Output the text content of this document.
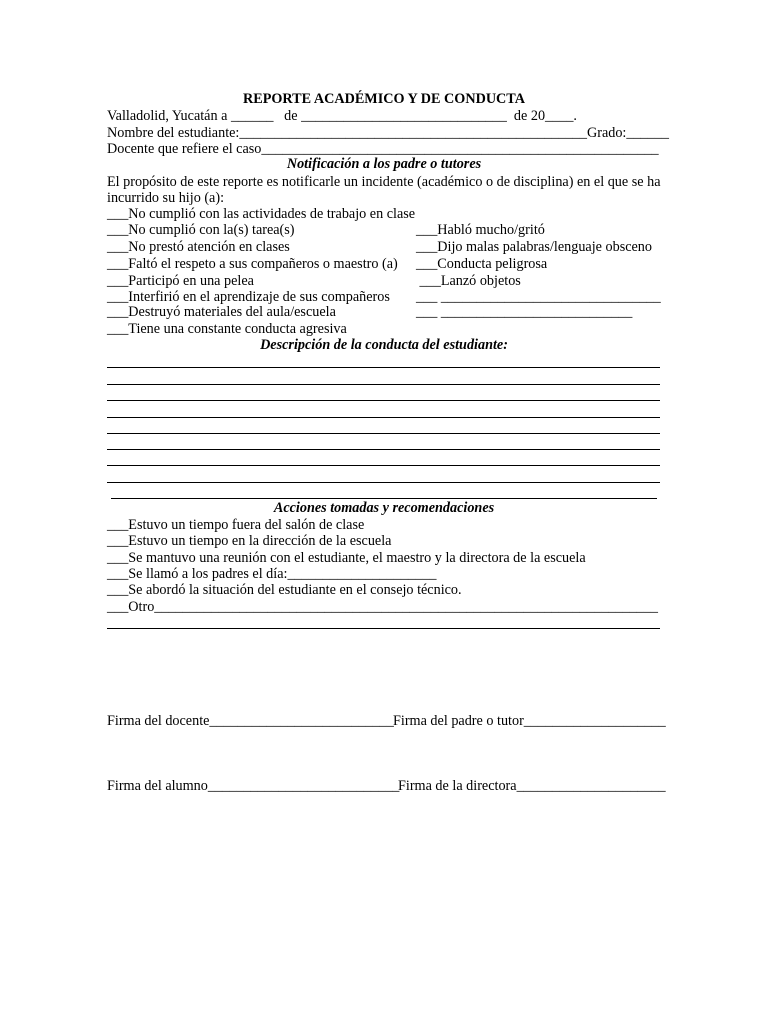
REPORTE ACADÉMICO Y DE CONDUCTA
Valladolid, Yucatán a ______   de _____________________________  de 20____.
Nombre del estudiante:_________________________________________________Grado:______
Docente que refiere el caso________________________________________________________
Notificación a los padre o tutores
El propósito de este reporte es notificarle un incidente (académico o de disciplina) en el que se ha
incurrido su hijo (a):
___No cumplió con las actividades de trabajo en clase
___No cumplió con la(s) tarea(s)
___No prestó atención en clases
___Faltó el respeto a sus compañeros o maestro (a)
___Participó en una pelea
___Interfirió en el aprendizaje de sus compañeros
___Destruyó materiales del aula/escuela
___Tiene una constante conducta agresiva
___Habló mucho/gritó
___Dijo malas palabras/lenguaje obsceno
___Conducta peligrosa
___Lanzó objetos
___ _______________________________
___ ___________________________
Descripción de la conducta del estudiante:
Acciones tomadas y recomendaciones
___Estuvo un tiempo fuera del salón de clase
___Estuvo un tiempo en la dirección de la escuela
___Se mantuvo una reunión con el estudiante, el maestro y la directora de la escuela
___Se llamó a los padres el día:_____________________
___Se abordó la situación del estudiante en el consejo técnico.
___Otro_______________________________________________________________________
Firma del docente__________________________ Firma del padre o tutor____________________
Firma del alumno___________________________
Firma de la directora_____________________
